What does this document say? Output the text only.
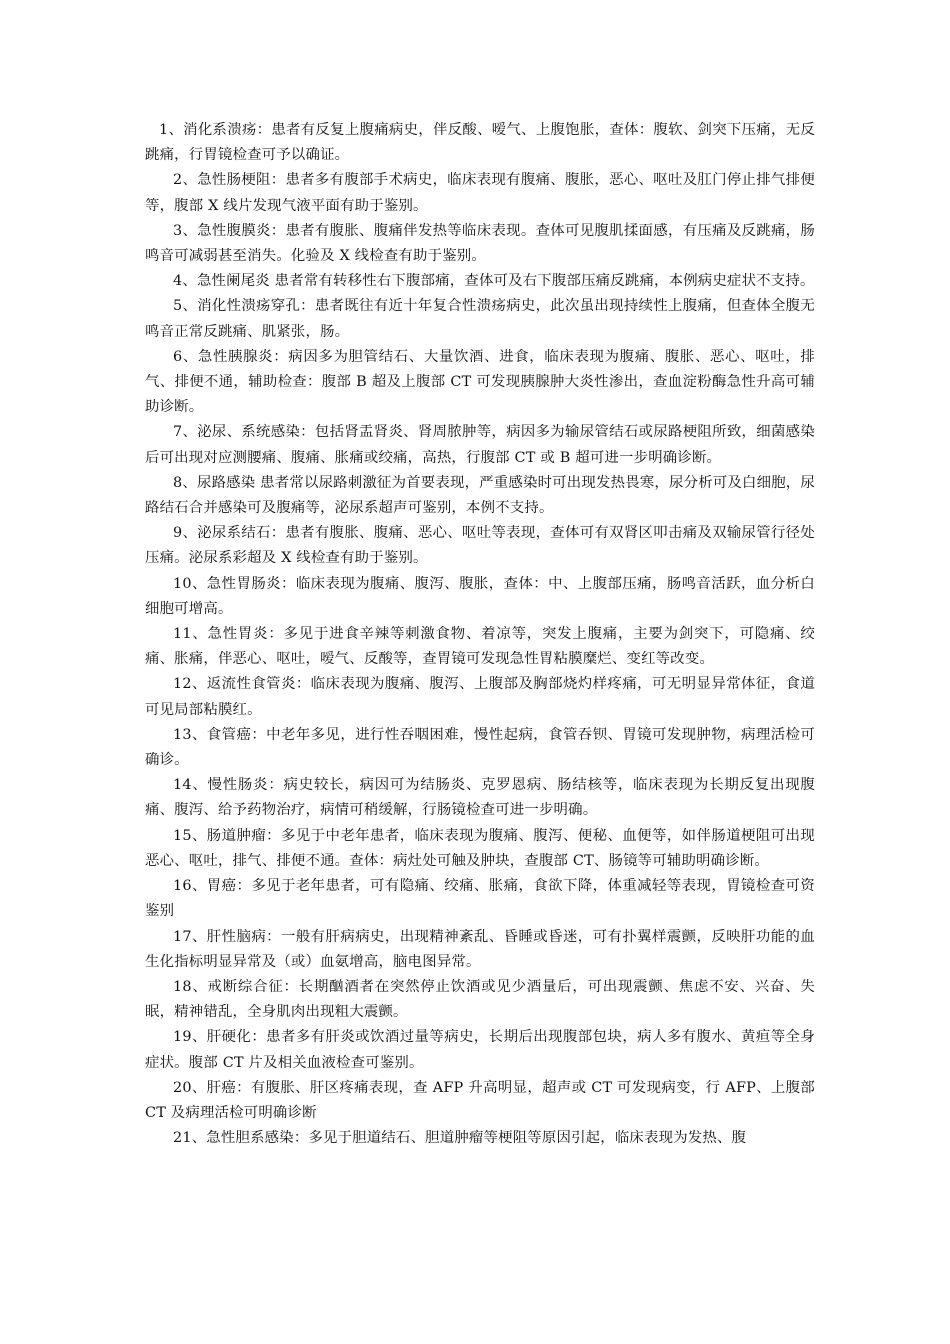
1、消化系溃疡：患者有反复上腹痛病史，伴反酸、嗳气、上腹饱胀，查体：腹软、剑突下压痛，无反跳痛，行胃镜检查可予以确证。

2、急性肠梗阻：患者多有腹部手术病史，临床表现有腹痛、腹胀，恶心、呕吐及肛门停止排气排便等，腹部 X 线片发现气液平面有助于鉴别。

3、急性腹膜炎：患者有腹胀、腹痛伴发热等临床表现。查体可见腹肌揉面感，有压痛及反跳痛，肠鸣音可减弱甚至消失。化验及 X 线检查有助于鉴别。

4、急性阑尾炎 患者常有转移性右下腹部痛，查体可及右下腹部压痛反跳痛，本例病史症状不支持。

5、消化性溃疡穿孔：患者既往有近十年复合性溃疡病史，此次虽出现持续性上腹痛，但查体全腹无鸣音正常反跳痛、肌紧张，肠。

6、急性胰腺炎：病因多为胆管结石、大量饮酒、进食，临床表现为腹痛、腹胀、恶心、呕吐，排气、排便不通，辅助检查：腹部 B 超及上腹部 CT 可发现胰腺肿大炎性渗出，查血淀粉酶急性升高可辅助诊断。

7、泌尿、系统感染：包括肾盂肾炎、肾周脓肿等，病因多为输尿管结石或尿路梗阻所致，细菌感染后可出现对应测腰痛、腹痛、胀痛或绞痛，高热，行腹部 CT 或 B 超可进一步明确诊断。

8、尿路感染 患者常以尿路刺激征为首要表现，严重感染时可出现发热畏寒，尿分析可及白细胞，尿路结石合并感染可及腹痛等，泌尿系超声可鉴别，本例不支持。

9、泌尿系结石：患者有腹胀、腹痛、恶心、呕吐等表现，查体可有双肾区叩击痛及双输尿管行径处压痛。泌尿系彩超及 X 线检查有助于鉴别。

10、急性胃肠炎：临床表现为腹痛、腹泻、腹胀，查体：中、上腹部压痛，肠鸣音活跃，血分析白细胞可增高。

11、急性胃炎：多见于进食辛辣等刺激食物、着凉等，突发上腹痛，主要为剑突下，可隐痛、绞痛、胀痛，伴恶心、呕吐，嗳气、反酸等，查胃镜可发现急性胃粘膜糜烂、变红等改变。

12、返流性食管炎：临床表现为腹痛、腹泻、上腹部及胸部烧灼样疼痛，可无明显异常体征，食道可见局部粘膜红。

13、食管癌：中老年多见，进行性吞咽困难，慢性起病，食管吞钡、胃镜可发现肿物，病理活检可确诊。

14、慢性肠炎：病史较长，病因可为结肠炎、克罗恩病、肠结核等，临床表现为长期反复出现腹痛、腹泻、给予药物治疗，病情可稍缓解，行肠镜检查可进一步明确。

15、肠道肿瘤：多见于中老年患者，临床表现为腹痛、腹泻、便秘、血便等，如伴肠道梗阻可出现恶心、呕吐，排气、排便不通。查体：病灶处可触及肿块，查腹部 CT、肠镜等可辅助明确诊断。

16、胃癌：多见于老年患者，可有隐痛、绞痛、胀痛，食欲下降，体重减轻等表现，胃镜检查可资鉴别

17、肝性脑病：一般有肝病病史，出现精神紊乱、昏睡或昏迷，可有扑翼样震颤，反映肝功能的血生化指标明显异常及（或）血氨增高，脑电图异常。

18、戒断综合征：长期酗酒者在突然停止饮酒或见少酒量后，可出现震颤、焦虑不安、兴奋、失眠，精神错乱，全身肌肉出现粗大震颤。

19、肝硬化：患者多有肝炎或饮酒过量等病史，长期后出现腹部包块，病人多有腹水、黄疸等全身症状。腹部 CT 片及相关血液检查可鉴别。

20、肝癌：有腹胀、肝区疼痛表现，查 AFP 升高明显，超声或 CT 可发现病变，行 AFP、上腹部 CT 及病理活检可明确诊断

21、急性胆系感染：多见于胆道结石、胆道肿瘤等梗阻等原因引起，临床表现为发热、腹
